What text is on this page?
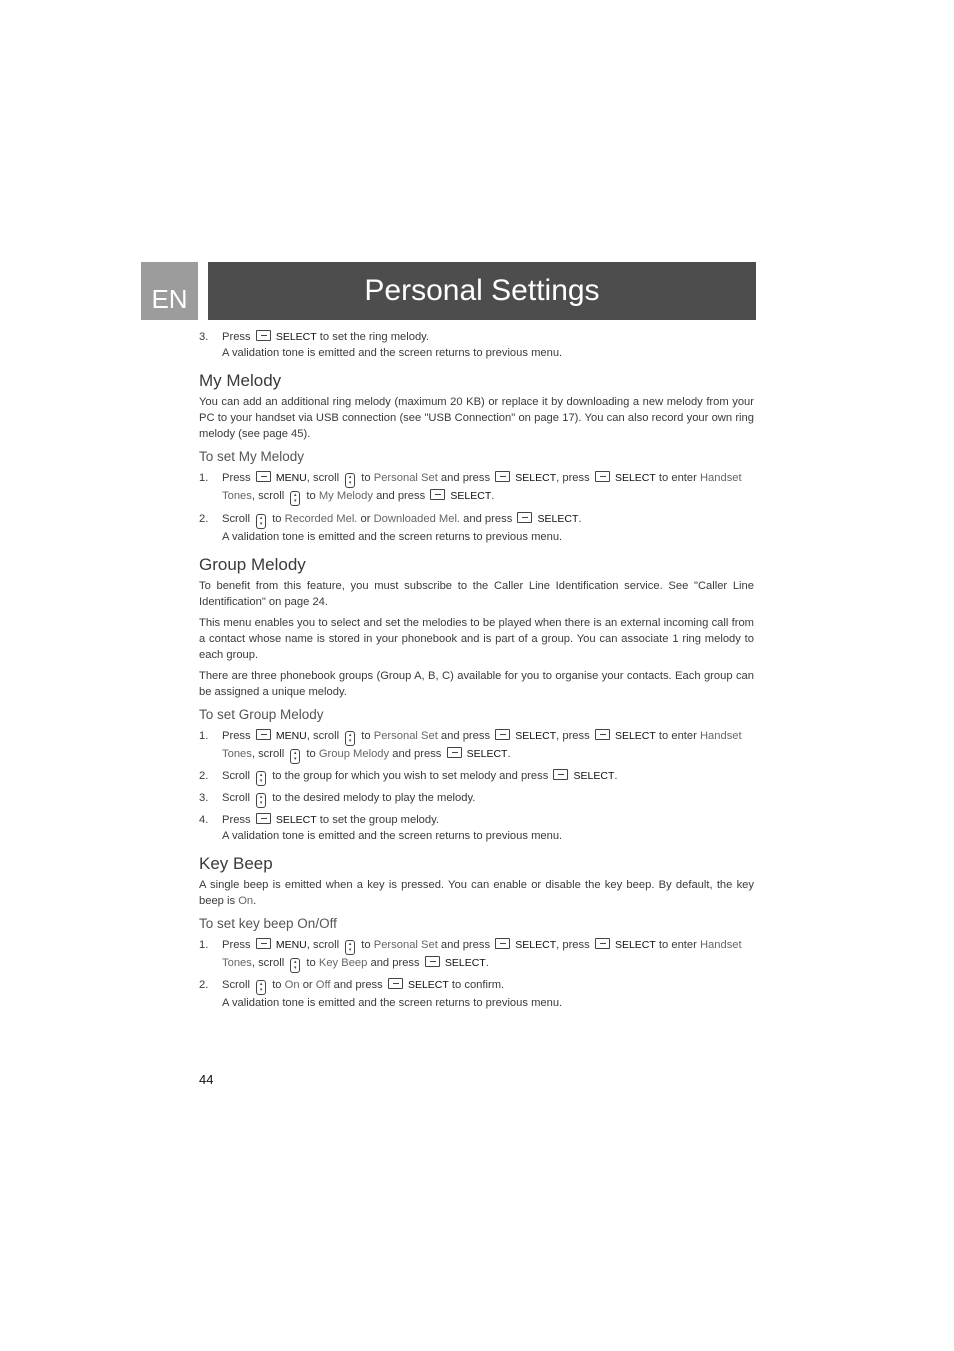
EN	Personal Settings

3. Press SELECT to set the ring melody.

A validation tone is emitted and the screen returns to previous menu.

My Melody

You can add an additional ring melody (maximum 20 KB) or replace it by downloading a new melody from your PC to your handset via USB connection (see "USB Connection" on page 17). You can also record your own ring melody (see page 45).

To set My Melody

1. Press MENU, scroll ▴
▾ to Personal Set and press SELECT, press SELECT to enter Handset Tones, scroll ▴
▾ to My Melody and press SELECT.

2. Scroll ▴
▾ to Recorded Mel. or Downloaded Mel. and press SELECT.

A validation tone is emitted and the screen returns to previous menu.

Group Melody

To benefit from this feature, you must subscribe to the Caller Line Identification service. See "Caller Line Identification" on page 24.

This menu enables you to select and set the melodies to be played when there is an external incoming call from a contact whose name is stored in your phonebook and is part of a group. You can associate 1 ring melody to each group.

There are three phonebook groups (Group A, B, C) available for you to organise your contacts. Each group can be assigned a unique melody.

To set Group Melody

1. Press MENU, scroll ▴
▾ to Personal Set and press SELECT, press SELECT to enter Handset Tones, scroll ▴
▾ to Group Melody and press SELECT.

2. Scroll ▴
▾ to the group for which you wish to set melody and press SELECT.

3. Scroll ▴
▾ to the desired melody to play the melody.

4. Press SELECT to set the group melody.

A validation tone is emitted and the screen returns to previous menu.

Key Beep

A single beep is emitted when a key is pressed. You can enable or disable the key beep. By default, the key beep is On.

To set key beep On/Off

1. Press MENU, scroll ▴
▾ to Personal Set and press SELECT, press SELECT to enter Handset Tones, scroll ▴
▾ to Key Beep and press SELECT.

2. Scroll ▴
▾ to On or Off and press SELECT to confirm.

A validation tone is emitted and the screen returns to previous menu.

44
